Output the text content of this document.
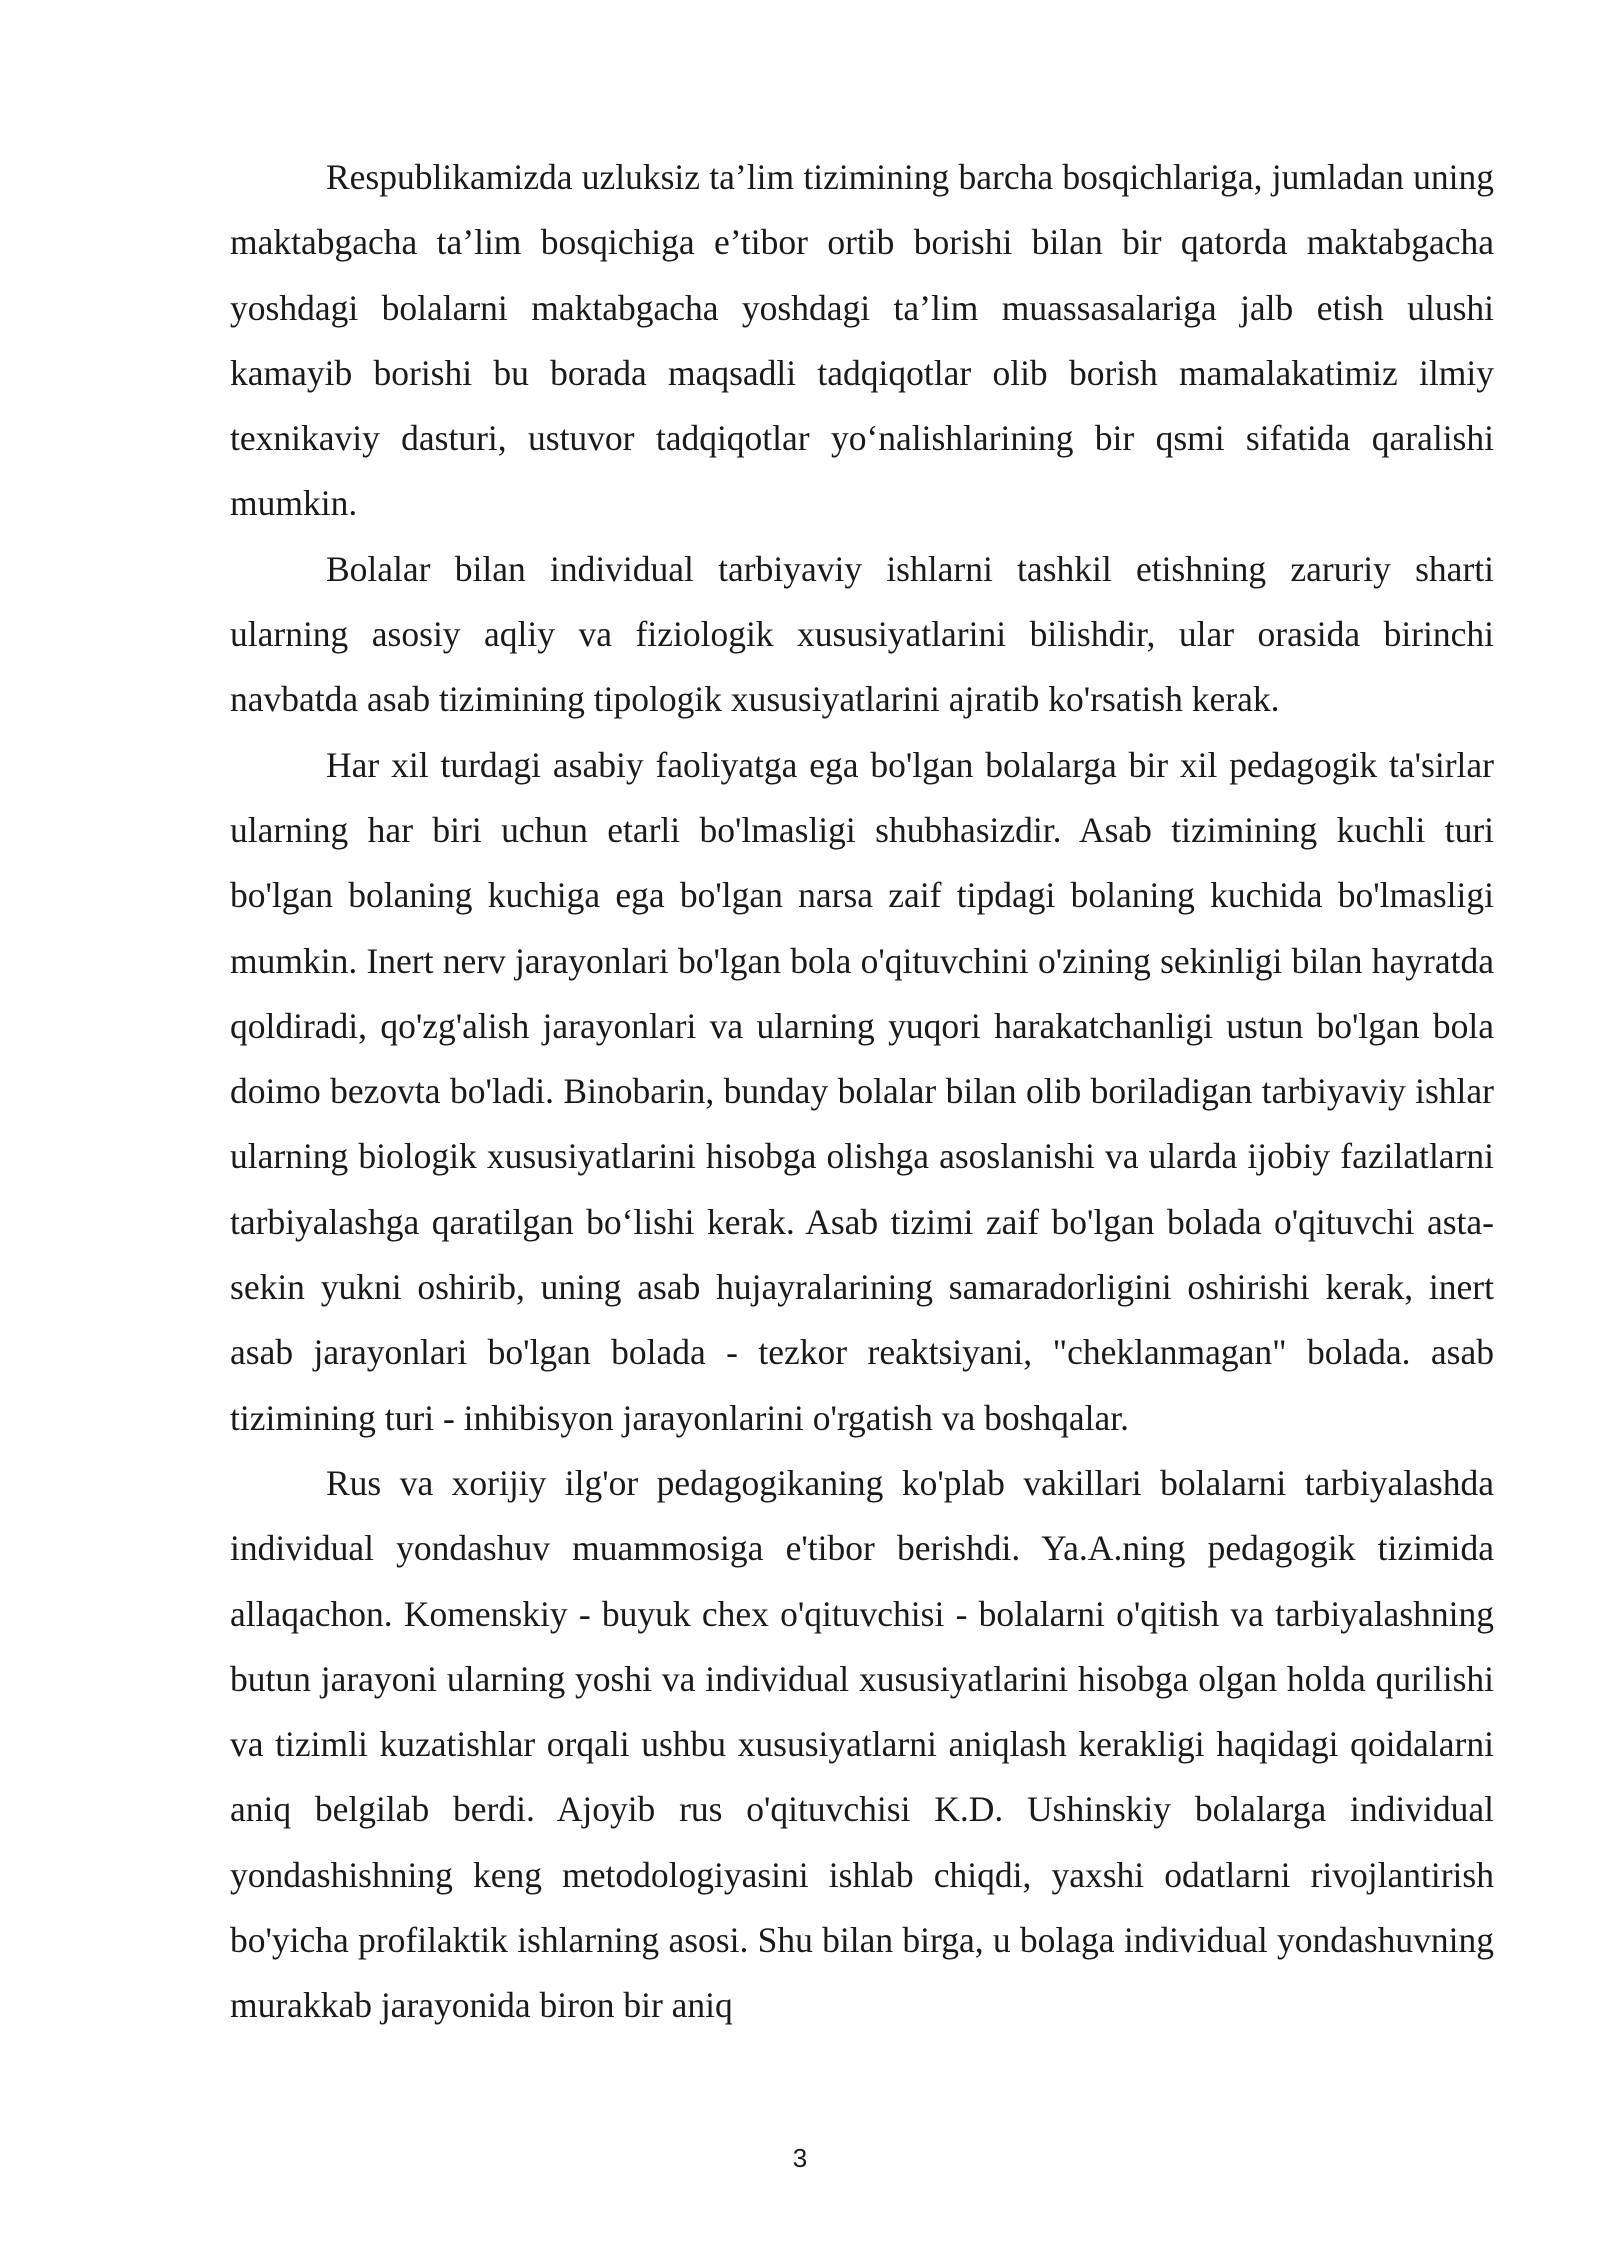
Respublikamizda uzluksiz ta’lim tizimining barcha bosqichlariga, jumladan uning maktabgacha ta’lim bosqichiga e’tibor ortib borishi bilan bir qatorda maktabgacha yoshdagi bolalarni maktabgacha yoshdagi ta’lim muassasalariga jalb etish ulushi kamayib borishi bu borada maqsadli tadqiqotlar olib borish mamalakatimiz ilmiy texnikaviy dasturi, ustuvor tadqiqotlar yo‘nalishlarining bir qsmi sifatida qaralishi mumkin.

Bolalar bilan individual tarbiyaviy ishlarni tashkil etishning zaruriy sharti ularning asosiy aqliy va fiziologik xususiyatlarini bilishdir, ular orasida birinchi navbatda asab tizimining tipologik xususiyatlarini ajratib ko'rsatish kerak.

Har xil turdagi asabiy faoliyatga ega bo'lgan bolalarga bir xil pedagogik ta'sirlar ularning har biri uchun etarli bo'lmasligi shubhasizdir. Asab tizimining kuchli turi bo'lgan bolaning kuchiga ega bo'lgan narsa zaif tipdagi bolaning kuchida bo'lmasligi mumkin. Inert nerv jarayonlari bo'lgan bola o'qituvchini o'zining sekinligi bilan hayratda qoldiradi, qo'zg'alish jarayonlari va ularning yuqori harakatchanligi ustun bo'lgan bola doimo bezovta bo'ladi. Binobarin, bunday bolalar bilan olib boriladigan tarbiyaviy ishlar ularning biologik xususiyatlarini hisobga olishga asoslanishi va ularda ijobiy fazilatlarni tarbiyalashga qaratilgan bo‘lishi kerak. Asab tizimi zaif bo'lgan bolada o'qituvchi asta-sekin yukni oshirib, uning asab hujayralarining samaradorligini oshirishi kerak, inert asab jarayonlari bo'lgan bolada - tezkor reaktsiyani, "cheklanmagan" bolada. asab tizimining turi - inhibisyon jarayonlarini o'rgatish va boshqalar.

Rus va xorijiy ilg'or pedagogikaning ko'plab vakillari bolalarni tarbiyalashda individual yondashuv muammosiga e'tibor berishdi. Ya.A.ning pedagogik tizimida allaqachon. Komenskiy - buyuk chex o'qituvchisi - bolalarni o'qitish va tarbiyalashning butun jarayoni ularning yoshi va individual xususiyatlarini hisobga olgan holda qurilishi va tizimli kuzatishlar orqali ushbu xususiyatlarni aniqlash kerakligi haqidagi qoidalarni aniq belgilab berdi. Ajoyib rus o'qituvchisi K.D. Ushinskiy bolalarga individual yondashishning keng metodologiyasini ishlab chiqdi, yaxshi odatlarni rivojlantirish bo'yicha profilaktik ishlarning asosi. Shu bilan birga, u bolaga individual yondashuvning murakkab jarayonida biron bir aniq

3
